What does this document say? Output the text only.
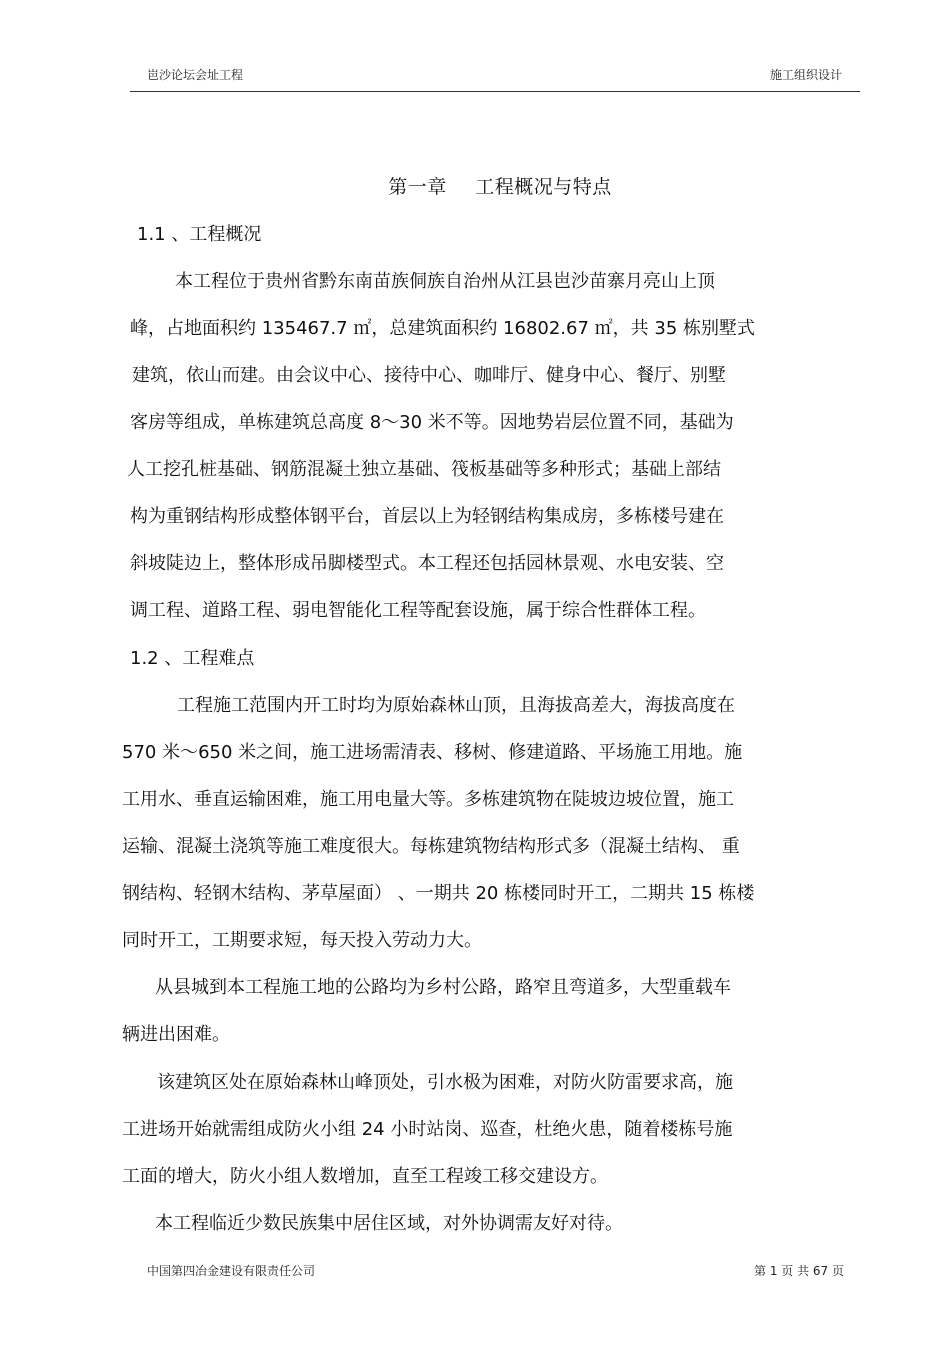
岜沙论坛会址工程	施工组织设计
第一章 工程概况与特点
1.1 、工程概况
本工程位于贵州省黔东南苗族侗族自治州从江县岜沙苗寨月亮山上顶
峰，占地面积约 135467.7 ㎡，总建筑面积约 16802.67 ㎡，共 35 栋别墅式
建筑，依山而建。由会议中心、接待中心、咖啡厅、健身中心、餐厅、别墅
客房等组成，单栋建筑总高度 8～30 米不等。因地势岩层位置不同，基础为
人工挖孔桩基础、钢筋混凝土独立基础、筏板基础等多种形式；基础上部结
构为重钢结构形成整体钢平台，首层以上为轻钢结构集成房，多栋楼号建在
斜坡陡边上，整体形成吊脚楼型式。本工程还包括园林景观、水电安装、空
调工程、道路工程、弱电智能化工程等配套设施，属于综合性群体工程。
1.2 、工程难点
工程施工范围内开工时均为原始森林山顶，且海拔高差大，海拔高度在
570 米～650 米之间，施工进场需清表、移树、修建道路、平场施工用地。施
工用水、垂直运输困难，施工用电量大等。多栋建筑物在陡坡边坡位置，施工
运输、混凝土浇筑等施工难度很大。每栋建筑物结构形式多（混凝土结构、 重
钢结构、轻钢木结构、茅草屋面） 、一期共 20 栋楼同时开工，二期共 15 栋楼
同时开工，工期要求短，每天投入劳动力大。
从县城到本工程施工地的公路均为乡村公路，路窄且弯道多，大型重载车
辆进出困难。
该建筑区处在原始森林山峰顶处，引水极为困难，对防火防雷要求高，施
工进场开始就需组成防火小组 24 小时站岗、巡查，杜绝火患，随着楼栋号施
工面的增大，防火小组人数增加，直至工程竣工移交建设方。
本工程临近少数民族集中居住区域，对外协调需友好对待。
中国第四冶金建设有限责任公司	第 1 页 共 67 页
